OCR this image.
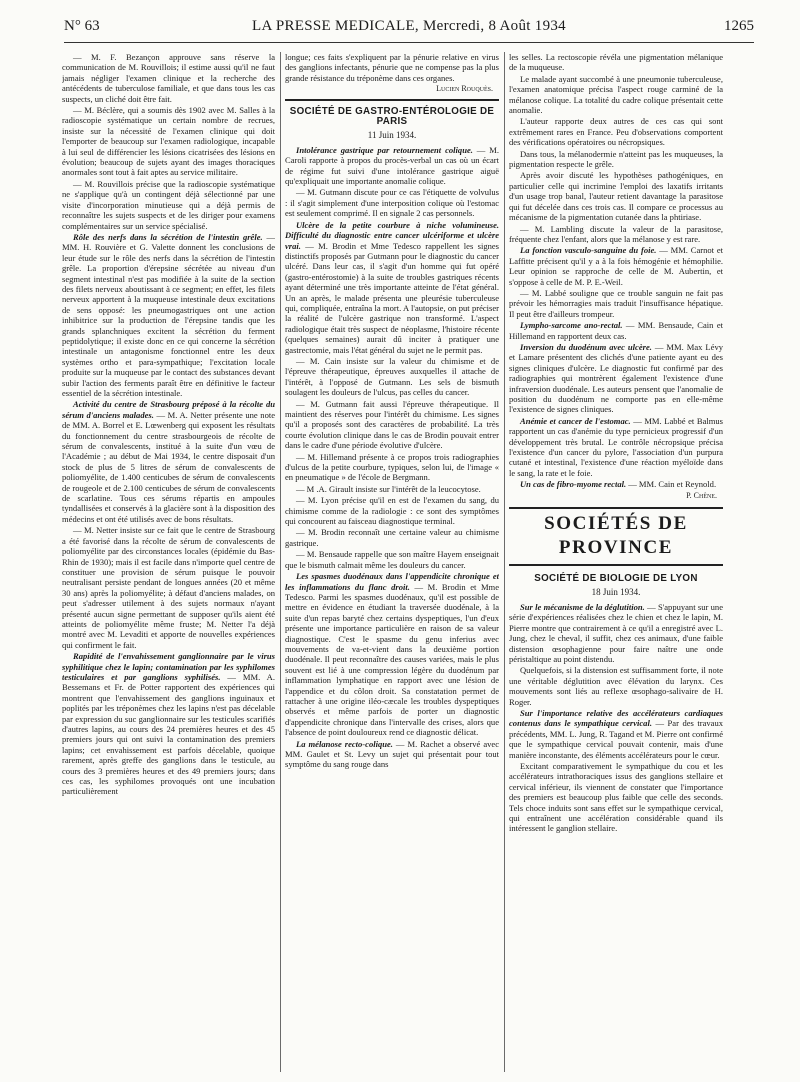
N° 63	LA PRESSE MEDICALE, Mercredi, 8 Août 1934	1265

— M. F. Bezançon approuve sans réserve la communication de M. Rouvillois; il estime aussi qu'il ne faut jamais négliger l'examen clinique et la recherche des antécédents de tuberculose familiale, et que dans tous les cas suspects, un cliché doit être fait.

— M. Béclère, qui a soumis dès 1902 avec M. Salles à la radioscopie systématique un certain nombre de recrues, insiste sur la nécessité de l'examen clinique qui doit l'emporter de beaucoup sur l'examen radiologique, incapable à lui seul de différencier les lésions cicatrisées des lésions en évolution; beaucoup de sujets ayant des images thoraciques anormales sont tout à fait aptes au service militaire.

— M. Rouvillois précise que la radioscopie systématique ne s'applique qu'à un contingent déjà sélectionné par une visite d'incorporation minutieuse qui a déjà permis de reconnaître les sujets suspects et de les diriger pour examens complémentaires sur un service spécialisé.

Rôle des nerfs dans la sécrétion de l'intestin grêle. — MM. H. Rouvière et G. Valette donnent les conclusions de leur étude sur le rôle des nerfs dans la sécrétion de l'intestin grêle. La proportion d'érepsine sécrétée au niveau d'un segment intestinal n'est pas modifiée à la suite de la section des filets nerveux aboutissant à ce segment; en effet, les filets nerveux apportent à la muqueuse intestinale deux excitations de sens opposé: les pneumogastriques ont une action inhibitrice sur la production de l'érepsine tandis que les grands splanchniques excitent la sécrétion du ferment peptidolytique; il existe donc en ce qui concerne la sécrétion intestinale un antagonisme fonctionnel entre les deux systèmes ortho et para-sympathique; l'excitation locale produite sur la muqueuse par le contact des substances devant subir l'action des ferments paraît être en définitive le facteur essentiel de la sécrétion intestinale.

Activité du centre de Strasbourg préposé à la récolte du sérum d'anciens malades. — M. A. Netter présente une note de MM. A. Borrel et E. Lœwenberg qui exposent les résultats du fonctionnement du centre strasbourgeois de récolte de sérum de convalescents, institué à la suite d'un vœu de l'Académie ; au début de Mai 1934, le centre disposait d'un stock de plus de 5 litres de sérum de convalescents de poliomyélite, de 1.400 centicubes de sérum de convalescents de rougeole et de 2.100 centicubes de sérum de convalescents de scarlatine. Tous ces sérums répartis en ampoules tyndallisées et conservés à la glacière sont à la disposition des médecins et ont été utilisés avec de bons résultats.

— M. Netter insiste sur ce fait que le centre de Strasbourg a été favorisé dans la récolte de sérum de convalescents de poliomyélite par des circonstances locales (épidémie du Bas-Rhin de 1930); mais il est facile dans n'importe quel centre de constituer une provision de sérum puisque le pouvoir neutralisant persiste pendant de longues années (20 et même 30 ans) après la poliomyélite; à défaut d'anciens malades, on peut s'adresser utilement à des sujets normaux n'ayant présenté aucun signe permettant de supposer qu'ils aient été atteints de poliomyélite même fruste; M. Netter l'a déjà montré avec M. Levaditi et apporte de nouvelles expériences qui confirment le fait.

Rapidité de l'envahissement ganglionnaire par le virus syphilitique chez le lapin; contamination par les syphilomes testiculaires et par ganglions syphilisés. — MM. A. Bessemans et Fr. de Potter rapportent des expériences qui montrent que l'envahissement des ganglions inguinaux et poplités par les tréponèmes chez les lapins n'est pas décelable par expression du suc ganglionnaire sur les testicules scarifiés d'autres lapins, au cours des 24 premières heures et des 45 premiers jours qui ont suivi la contamination des premiers lapins; cet envahissement est parfois décelable, quoique rarement, après greffe des ganglions dans le testicule, au cours des 3 premières heures et des 49 premiers jours; dans ces cas, les syphilomes provoqués ont une incubation particulièrement

longue; ces faits s'expliquent par la pénurie relative en virus des ganglions infectants, pénurie que ne compense pas la plus grande résistance du tréponème dans ces organes.

Lucien Rouquès.
SOCIÉTÉ DE GASTRO-ENTÉROLOGIE DE PARIS
11 Juin 1934.

Intolérance gastrique par retournement colique. — M. Caroli rapporte à propos du procès-verbal un cas où un écart de régime fut suivi d'une intolérance gastrique aiguë qu'expliquait une importante anomalie colique.

— M. Gutmann discute pour ce cas l'étiquette de volvulus : il s'agit simplement d'une interposition colique où l'estomac est seulement comprimé. Il en signale 2 cas personnels.

Ulcère de la petite courbure à niche volumineuse. Difficulté du diagnostic entre cancer ulcériforme et ulcère vrai. — M. Brodin et Mme Tedesco rappellent les signes distinctifs proposés par Gutmann pour le diagnostic du cancer ulcéré. Dans leur cas, il s'agit d'un homme qui fut opéré (gastro-entérostomie) à la suite de troubles gastriques récents ayant déterminé une très importante atteinte de l'état général. Un an après, le malade présenta une pleurésie tuberculeuse qui, compliquée, entraîna la mort. A l'autopsie, on put préciser la réalité de l'ulcère gastrique non transformé. L'aspect radiologique était très suspect de néoplasme, l'histoire récente (quelques semaines) aurait dû inciter à pratiquer une gastrectomie, mais l'état général du sujet ne le permit pas.

— M. Cain insiste sur la valeur du chimisme et de l'épreuve thérapeutique, épreuves auxquelles il attache de l'intérêt, à l'opposé de Gutmann. Les sels de bismuth soulagent les douleurs de l'ulcus, pas celles du cancer.

— M. Gutmann fait aussi l'épreuve thérapeutique. Il maintient des réserves pour l'intérêt du chimisme. Les signes qu'il a proposés sont des caractères de probabilité. La très courte évolution clinique dans le cas de Brodin pouvait entrer dans le cadre d'une période évolutive d'ulcère.

— M. Hillemand présente à ce propos trois radiographies d'ulcus de la petite courbure, typiques, selon lui, de l'image « en pneumatique » de l'école de Bergmann.

— M .A. Girault insiste sur l'intérêt de la leucocytose.

— M. Lyon précise qu'il en est de l'examen du sang, du chimisme comme de la radiologie : ce sont des symptômes qui concourent au faisceau diagnostique terminal.

— M. Brodin reconnaît une certaine valeur au chimisme gastrique.

— M. Bensaude rappelle que son maître Hayem enseignait que le bismuth calmait même les douleurs du cancer.

Les spasmes duodénaux dans l'appendicite chronique et les inflammations du flanc droit. — M. Brodin et Mme Tedesco. Parmi les spasmes duodénaux, qu'il est possible de mettre en évidence en étudiant la traversée duodénale, à la suite d'un repas baryté chez certains dyspeptiques, l'un d'eux présente une importance particulière en raison de sa valeur diagnostique. C'est le spasme du genu inferius avec mouvements de va-et-vient dans la deuxième portion duodénale. Il peut reconnaître des causes variées, mais le plus souvent est lié à une compression légère du duodénum par inflammation lymphatique en rapport avec une lésion de l'appendice et du côlon droit. Sa constatation permet de rattacher à une origine iléo-cæcale les troubles dyspeptiques observés et même parfois de porter un diagnostic d'appendicite chronique dans l'intervalle des crises, alors que l'absence de point douloureux rend ce diagnostic délicat.

La mélanose recto-colique. — M. Rachet a observé avec MM. Gaulet et St. Levy un sujet qui présentait pour tout symptôme du sang rouge dans

les selles. La rectoscopie révéla une pigmentation mélanique de la muqueuse.

Le malade ayant succombé à une pneumonie tuberculeuse, l'examen anatomique précisa l'aspect rouge carminé de la mélanose colique. La totalité du cadre colique présentait cette anomalie.

L'auteur rapporte deux autres de ces cas qui sont extrêmement rares en France. Peu d'observations comportent des vérifications opératoires ou nécropsiques.

Dans tous, la mélanodermie n'atteint pas les muqueuses, la pigmentation respecte le grêle.

Après avoir discuté les hypothèses pathogéniques, en particulier celle qui incrimine l'emploi des laxatifs irritants d'un usage trop banal, l'auteur retient davantage la parasitose qui fut décelée dans ces trois cas. Il compare ce processus au mécanisme de la pigmentation cutanée dans la phtiriase.

— M. Lambling discute la valeur de la parasitose, fréquente chez l'enfant, alors que la mélanose y est rare.

La fonction vasculo-sanguine du foie. — MM. Carnot et Laffitte précisent qu'il y a à la fois hémogénie et hémophilie. Leur opinion se rapproche de celle de M. Aubertin, et s'oppose à celle de M. P. E.-Weil.

— M. Labbé souligne que ce trouble sanguin ne fait pas prévoir les hémorragies mais traduit l'insuffisance hépatique. Il peut être d'ailleurs trompeur.

Lympho-sarcome ano-rectal. — MM. Bensaude, Cain et Hillemand en rapportent deux cas.

Inversion du duodénum avec ulcère. — MM. Max Lévy et Lamare présentent des clichés d'une patiente ayant eu des signes cliniques d'ulcère. Le diagnostic fut confirmé par des radiographies qui montrèrent également l'existence d'une infraversion duodénale. Les auteurs pensent que l'anomalie de position du duodénum ne comporte pas en elle-même l'existence de signes cliniques.

Anémie et cancer de l'estomac. — MM. Labbé et Balmus rapportent un cas d'anémie du type pernicieux progressif d'un développement très brutal. Le contrôle nécropsique précisa l'existence d'un cancer du pylore, l'association d'un purpura cutané et intestinal, l'existence d'une réaction myéloïde dans le sang, la rate et le foie.

Un cas de fibro-myome rectal. — MM. Cain et Reynold.

P. Chêne.
SOCIÉTÉS DE PROVINCE
SOCIÉTÉ DE BIOLOGIE DE LYON
18 Juin 1934.

Sur le mécanisme de la déglutition. — S'appuyant sur une série d'expériences réalisées chez le chien et chez le lapin, M. Pierre montre que contrairement à ce qu'il a enregistré avec L. Jung, chez le cheval, il suffit, chez ces animaux, d'une faible distension œsophagienne pour faire naître une onde péristaltique au point distendu.

Quelquefois, si la distension est suffisamment forte, il note une véritable déglutition avec élévation du larynx. Ces mouvements sont liés au reflexe œsophago-salivaire de H. Roger.

Sur l'importance relative des accélérateurs cardiaques contenus dans le sympathique cervical. — Par des travaux précédents, MM. L. Jung, R. Tagand et M. Pierre ont confirmé que le sympathique cervical pouvait contenir, mais d'une manière inconstante, des éléments accélérateurs pour le cœur.

Excitant comparativement le sympathique du cou et les accélérateurs intrathoraciques issus des ganglions stellaire et cervical inférieur, ils viennent de constater que l'importance des premiers est beaucoup plus faible que celle des seconds. Tels choce induits sont sans effet sur le sympathique cervical, qui entraînent une accélération considérable quand ils intéressent le ganglion stellaire.
